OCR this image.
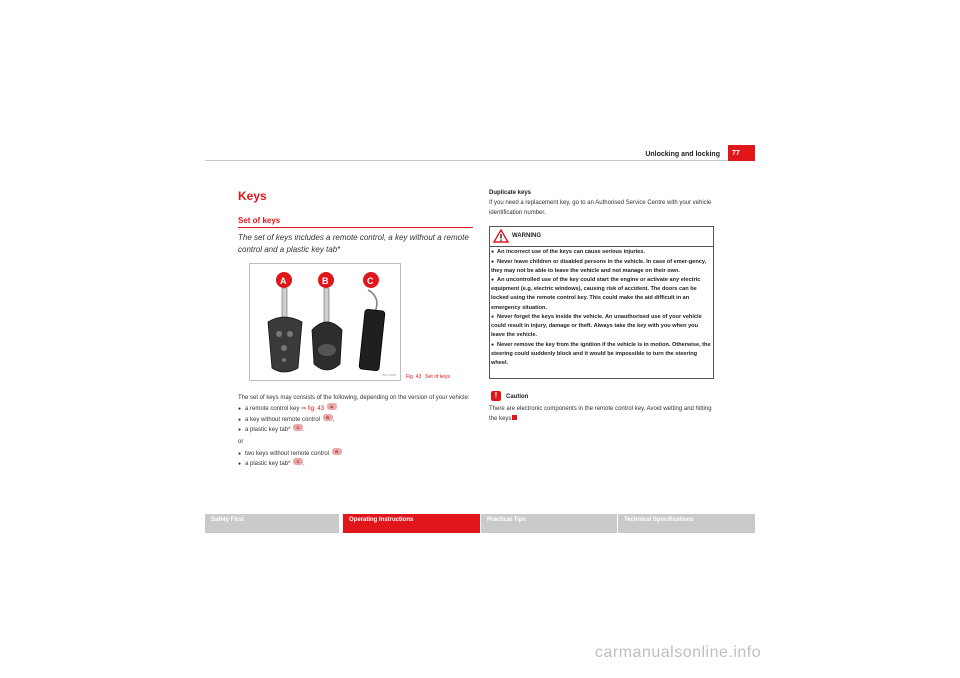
Unlocking and locking	77
Keys
Set of keys
The set of keys includes a remote control, a key without a remote control and a plastic key tab*
A	B	C
B1P-0066 Fig. 43 Set of keys

The set of keys may consists of the following, depending on the version of your vehicle:

● a remote control key ⇒ fig. 43 A
● a key without remote control B ,
● a plastic key tab* C .

or

● two keys without remote control B
● a plastic key tab* C .
Duplicate keys
If you need a replacement key, go to an Authorised Service Centre with your vehicle identification number.
WARNING
● An incorrect use of the keys can cause serious injuries.
● Never leave children or disabled persons in the vehicle. In case of emer-gency, they may not be able to leave the vehicle and not manage on their own.
● An uncontrolled use of the key could start the engine or activate any electric equipment (e.g. electric windows), causing risk of accident. The doors can be locked using the remote control key. This could make the aid difficult in an emergency situation.
● Never forget the keys inside the vehicle. An unauthorised use of your vehicle could result in injury, damage or theft. Always take the key with you when you leave the vehicle.
● Never remove the key from the ignition if the vehicle is in motion. Otherwise, the steering could suddenly block and it would be impossible to turn the steering wheel.
!	Caution
There are electronic components in the remote control key. Avoid wetting and hitting the keys
Safety First	Operating Instructions	Practical Tips	Technical Specifications
carmanualsonline.info
